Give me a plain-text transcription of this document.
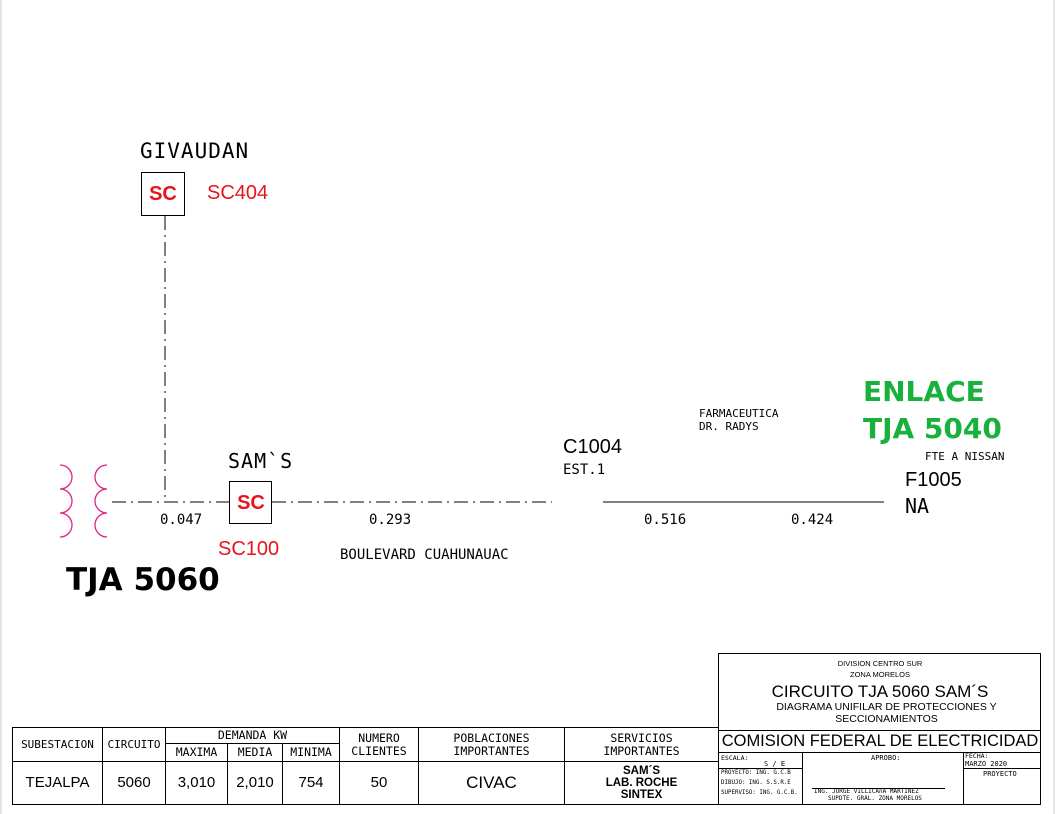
GIVAUDAN
SC	SC404
SAM`S
SC
SC100
C1004
EST.1
FARMACEUTICA
DR. RADYS
ENLACE
TJA 5040
FTE A NISSAN
F1005
NA
0.047	0.293	0.516	0.424
BOULEVARD CUAHUNAUAC
TJA 5060
SUBESTACION	CIRCUITO
DEMANDA KW
MAXIMA	MEDIA	MINIMA
NUMERO
CLIENTES
POBLACIONES
IMPORTANTES
SERVICIOS
IMPORTANTES
TEJALPA	5060	3,010	2,010	754	50	CIVAC
SAM´S
LAB. ROCHE
SINTEX
DIVISION CENTRO SUR
ZONA MORELOS
CIRCUITO TJA 5060 SAM´S
DIAGRAMA UNIFILAR DE PROTECCIONES Y
SECCIONAMIENTOS
COMISION FEDERAL DE ELECTRICIDAD
ESCALA:
S / E
APROBO:	FECHA:
MARZO 2020
PROYECTO
PROYECTO: ING. G.C.B
DIBUJO: ING. S.S.R.E
SUPERVISO: ING. G.C.B.	ING. JORGE VILLICAñA MARTINEZ
SUPDTE. GRAL. ZONA MORELOS
